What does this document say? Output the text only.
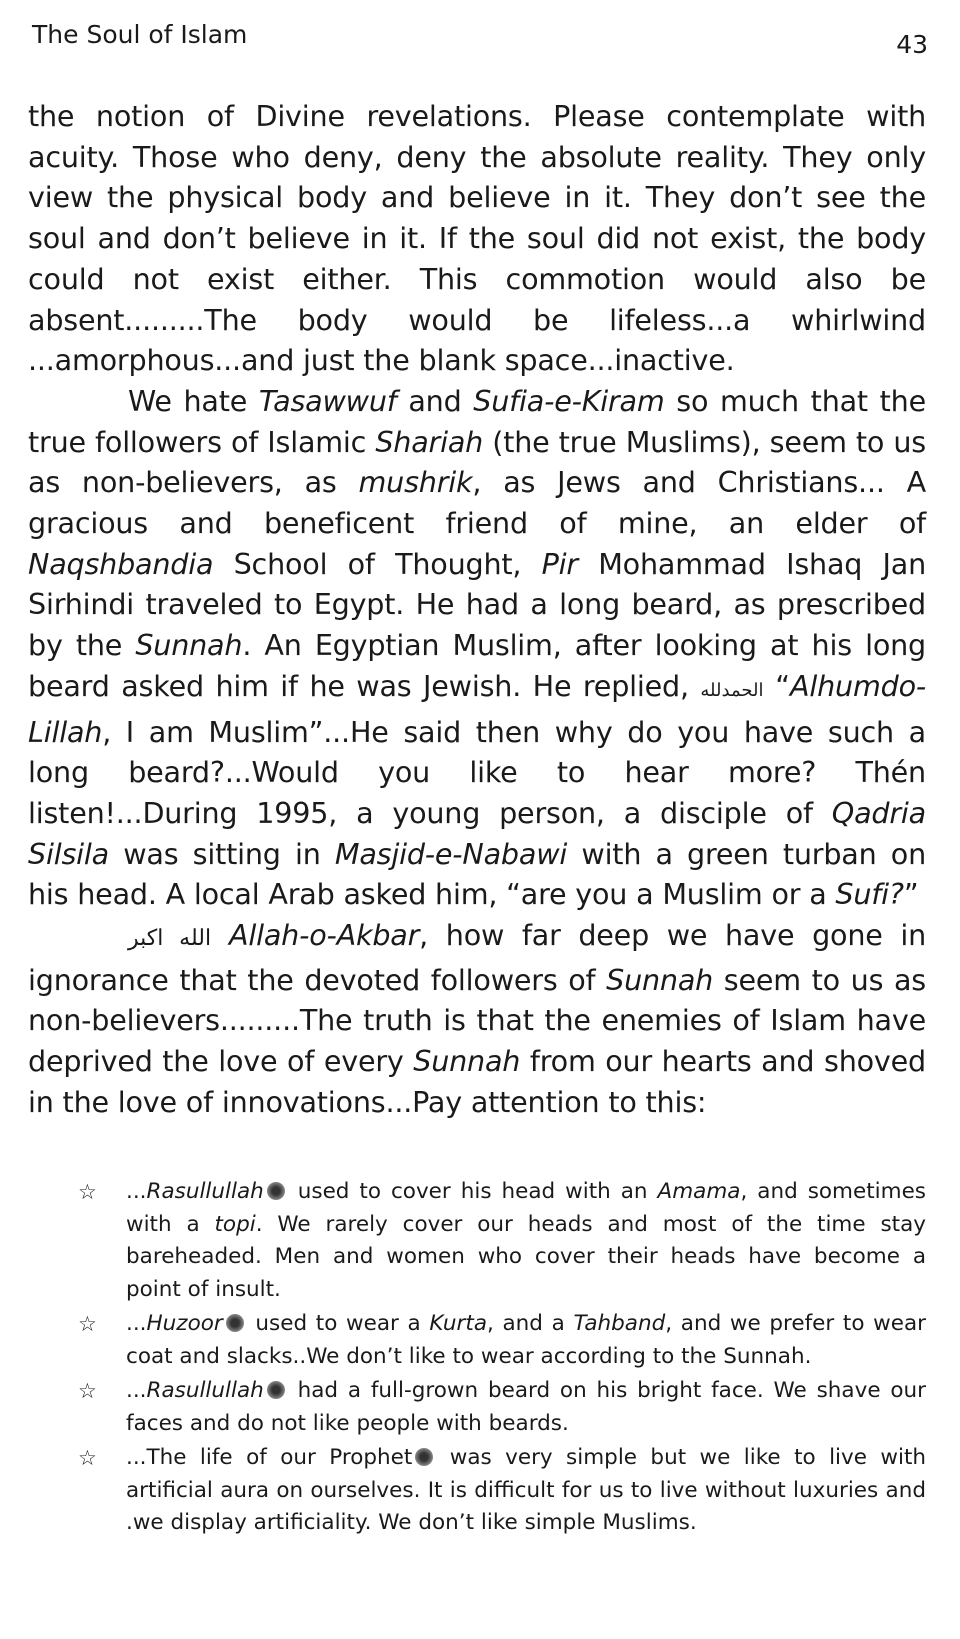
The Soul of Islam	43

the notion of Divine revelations. Please contemplate with acuity. Those who deny, deny the absolute reality. They only view the physical body and believe in it. They don’t see the soul and don’t believe in it. If the soul did not exist, the body could not exist either. This commotion would also be absent.........The body would be lifeless...a whirlwind ...amorphous...and just the blank space...inactive.

We hate Tasawwuf and Sufia-e-Kiram so much that the true followers of Islamic Shariah (the true Muslims), seem to us as non-believers, as mushrik, as Jews and Christians... A gracious and beneficent friend of mine, an elder of Naqshbandia School of Thought, Pir Mohammad Ishaq Jan Sirhindi traveled to Egypt. He had a long beard, as prescribed by the Sunnah. An Egyptian Muslim, after looking at his long beard asked him if he was Jewish. He replied, الحمدلله “Alhumdo-Lillah, I am Muslim”...He said then why do you have such a long beard?...Would you like to hear more? Thén listen!...During 1995, a young person, a disciple of Qadria Silsila was sitting in Masjid-e-Nabawi with a green turban on his head. A local Arab asked him, “are you a Muslim or a Sufi?”

الله اكبر Allah-o-Akbar, how far deep we have gone in ignorance that the devoted followers of Sunnah seem to us as non-believers.........The truth is that the enemies of Islam have deprived the love of every Sunnah from our hearts and shoved in the love of innovations...Pay attention to this:

☆ ...Rasullullah used to cover his head with an Amama, and sometimes with a topi. We rarely cover our heads and most of the time stay bareheaded. Men and women who cover their heads have become a point of insult.
☆ ...Huzoor used to wear a Kurta, and a Tahband, and we prefer to wear coat and slacks..We don’t like to wear according to the Sunnah.
☆ ...Rasullullah had a full-grown beard on his bright face. We shave our faces and do not like people with beards.
☆ ...The life of our Prophet was very simple but we like to live with artificial aura on ourselves. It is difficult for us to live without luxuries and .we display artificiality. We don’t like simple Muslims.
